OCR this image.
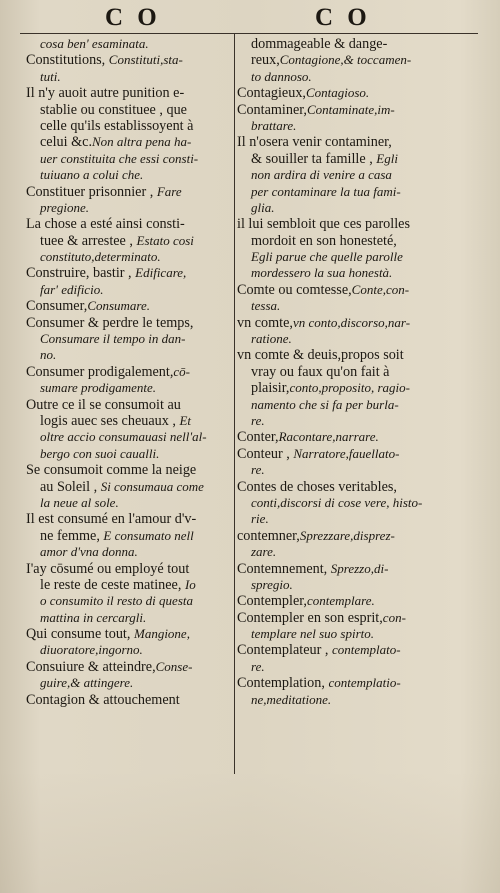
C O	C O
cosa ben' esaminata.
Constitutions, Constituti,sta-
tuti.
Il n'y auoit autre punition e-
stablie ou constituee , que
celle qu'ils establissoyent à
celui &c.Non altra pena ha-
uer constituita che essi consti-
tuiuano a colui che.
Constituer prisonnier , Fare
pregione.
La chose a esté ainsi consti-
tuee & arrestee , Estato cosi
constituto,determinato.
Construire, bastir , Edificare,
far' edificio.
Consumer,Consumare.
Consumer & perdre le temps,
Consumare il tempo in dan-
no.
Consumer prodigalement,cō-
sumare prodigamente.
Outre ce il se consumoit au
logis auec ses cheuaux , Et
oltre accio consumauasi nell'al-
bergo con suoi caualli.
Se consumoit comme la neige
au Soleil , Si consumaua come
la neue al sole.
Il est consumé en l'amour d'v-
ne femme, E consumato nell
amor d'vna donna.
I'ay cōsumé ou employé tout
le reste de ceste matinee, Io
o consumito il resto di questa
mattina in cercargli.
Qui consume tout, Mangione,
diuoratore,ingorno.
Consuiure & atteindre,Conse-
guire,& attingere.
Contagion & attouchement
dommageable & dange-
reux,Contagione,& toccamen-
to dannoso.
Contagieux,Contagioso.
Contaminer,Contaminate,im-
brattare.
Il n'osera venir contaminer,
& souiller ta famille , Egli
non ardira di venire a casa
per contaminare la tua fami-
glia.
il lui sembloit que ces parolles
mordoit en son honesteté,
Egli parue che quelle parolle
mordessero la sua honestà.
Comte ou comtesse,Conte,con-
tessa.
vn comte,vn conto,discorso,nar-
ratione.
vn comte & deuis,propos soit
vray ou faux qu'on fait à
plaisir,conto,proposito, ragio-
namento che si fa per burla-
re.
Conter,Racontare,narrare.
Conteur , Narratore,fauellato-
re.
Contes de choses veritables,
conti,discorsi di cose vere, histo-
rie.
contemner,Sprezzare,disprez-
zare.
Contemnement, Sprezzo,di-
spregio.
Contempler,contemplare.
Contempler en son esprit,con-
templare nel suo spirto.
Contemplateur , contemplato-
re.
Contemplation, contemplatio-
ne,meditatione.
